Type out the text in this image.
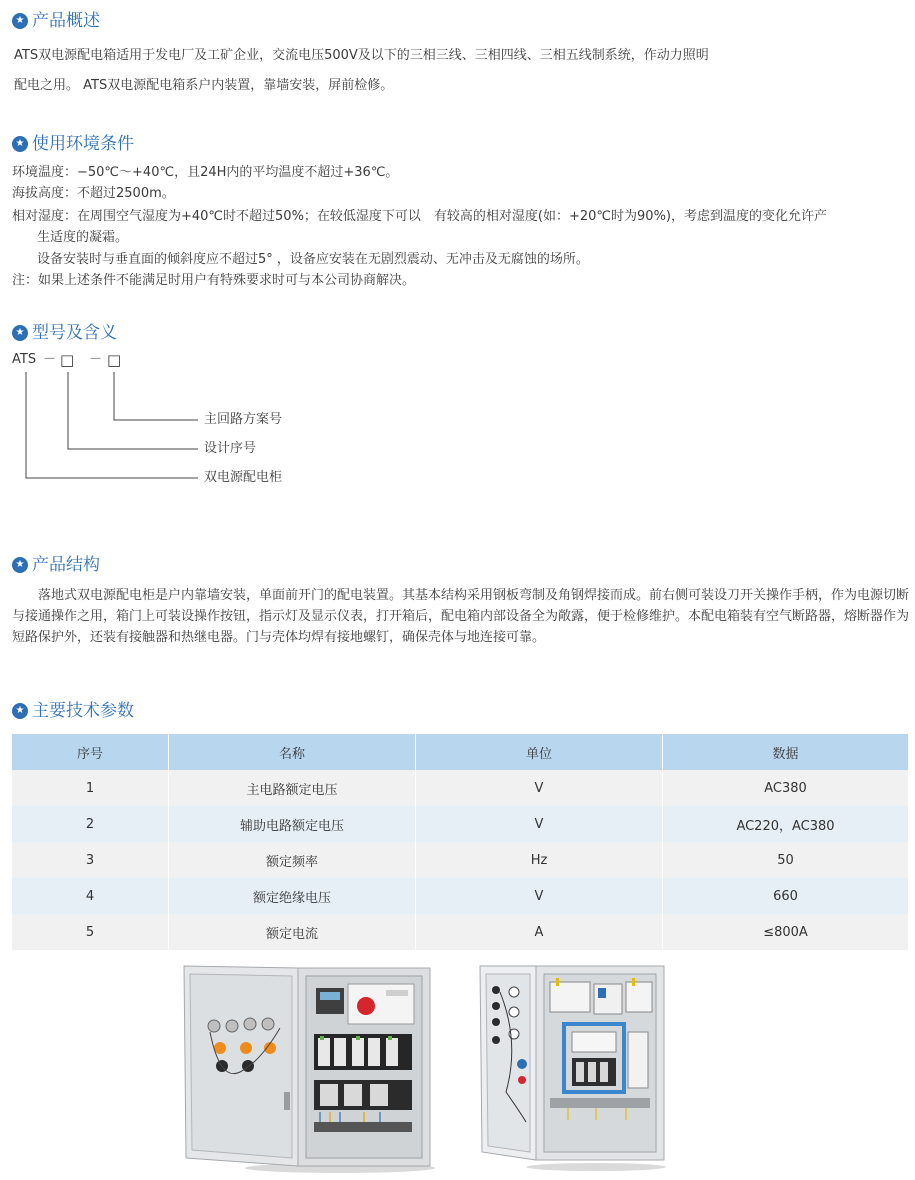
★ 产品概述
ATS双电源配电箱适用于发电厂及工矿企业，交流电压500V及以下的三相三线、三相四线、三相五线制系统，作动力照明
配电之用。 ATS双电源配电箱系户内装置，靠墙安装，屏前检修。
★ 使用环境条件
环境温度：−50℃～+40℃，且24H内的平均温度不超过+36℃。
海拔高度：不超过2500m。
相对湿度：在周围空气湿度为+40℃时不超过50%；在较低湿度下可以　有较高的相对湿度(如：+20℃时为90%)，考虑到温度的变化允许产
生适度的凝霜。
设备安装时与垂直面的倾斜度应不超过5° ，设备应安装在无剧烈震动、无冲击及无腐蚀的场所。
注：如果上述条件不能满足时用户有特殊要求时可与本公司协商解决。
★ 型号及含义
ATS － □ － □
主回路方案号
设计序号
双电源配电柜
★ 产品结构

落地式双电源配电柜是户内靠墙安装，单面前开门的配电装置。其基本结构采用钢板弯制及角钢焊接而成。前右侧可装设刀开关操作手柄，作为电源切断与接通操作之用，箱门上可装设操作按钮，指示灯及显示仪表，打开箱后，配电箱内部设备全为敞露，便于检修维护。本配电箱装有空气断路器，熔断器作为短路保护外，还装有接触器和热继电器。门与壳体均焊有接地螺钉，确保壳体与地连接可靠。

★ 主要技术参数
序号	名称	单位	数据
1	主电路额定电压	V	AC380
2	辅助电路额定电压	V	AC220，AC380
3	额定频率	Hz	50
4	额定绝缘电压	V	660
5	额定电流	A	≤800A
